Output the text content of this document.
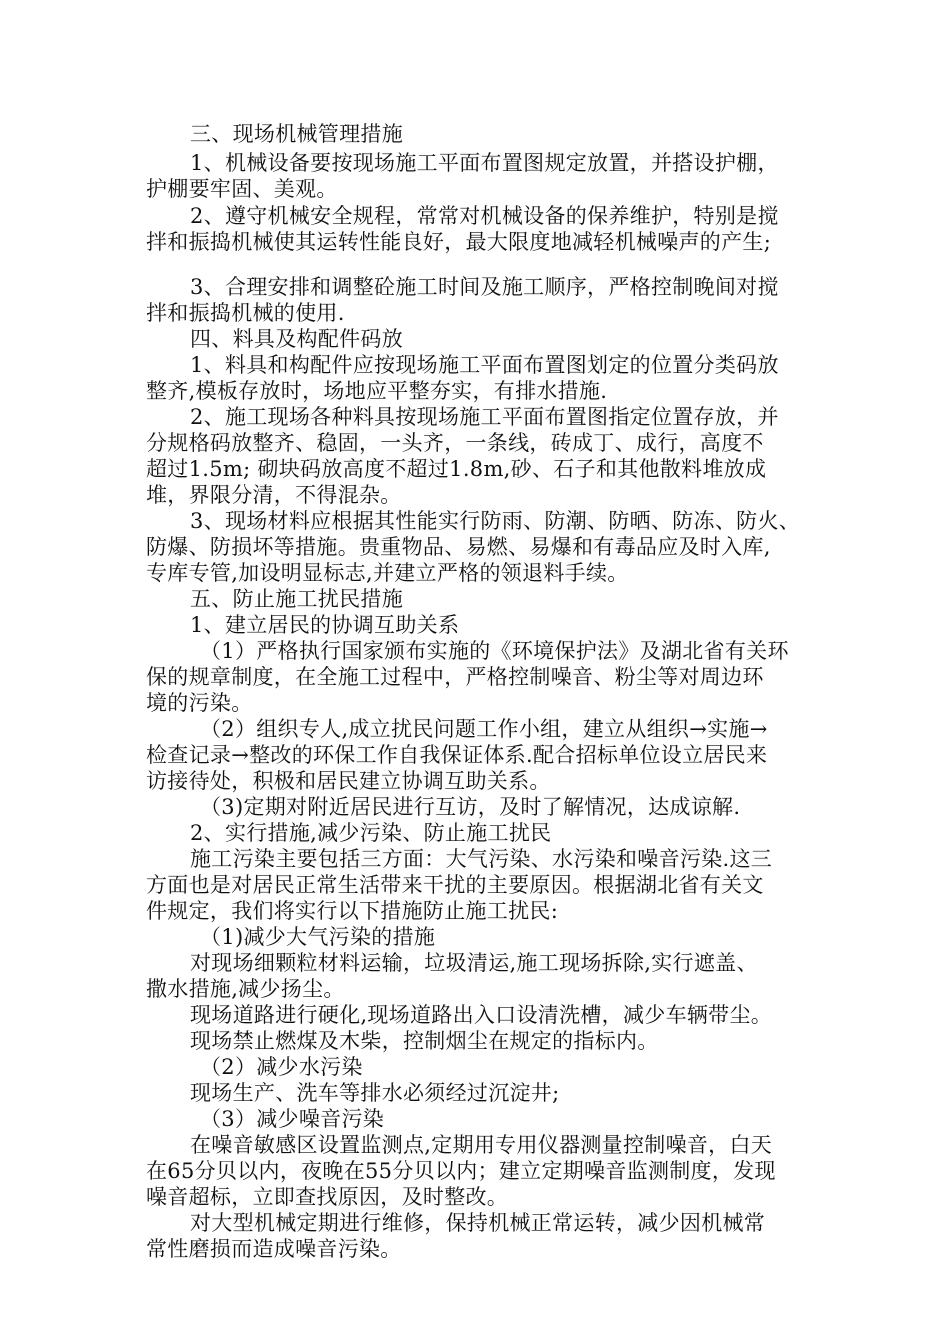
三、现场机械管理措施
1、机械设备要按现场施工平面布置图规定放置，并搭设护棚，
护棚要牢固、美观。
2、遵守机械安全规程，常常对机械设备的保养维护，特别是搅
拌和振捣机械使其运转性能良好，最大限度地减轻机械噪声的产生;
3、合理安排和调整砼施工时间及施工顺序，严格控制晚间对搅
拌和振捣机械的使用.
四、料具及构配件码放
1、料具和构配件应按现场施工平面布置图划定的位置分类码放
整齐,模板存放时，场地应平整夯实，有排水措施.
2、施工现场各种料具按现场施工平面布置图指定位置存放，并
分规格码放整齐、稳固，一头齐，一条线，砖成丁、成行，高度不
超过1.5m; 砌块码放高度不超过1.8m,砂、石子和其他散料堆放成
堆，界限分清，不得混杂。
3、现场材料应根据其性能实行防雨、防潮、防晒、防冻、防火、
防爆、防损坏等措施。贵重物品、易燃、易爆和有毒品应及时入库,
专库专管,加设明显标志,并建立严格的领退料手续。
五、防止施工扰民措施
1、建立居民的协调互助关系
（1）严格执行国家颁布实施的《环境保护法》及湖北省有关环
保的规章制度，在全施工过程中，严格控制噪音、粉尘等对周边环
境的污染。
（2）组织专人,成立扰民问题工作小组，建立从组织→实施→
检查记录→整改的环保工作自我保证体系.配合招标单位设立居民来
访接待处，积极和居民建立协调互助关系。
（3)定期对附近居民进行互访，及时了解情况，达成谅解.
2、实行措施,减少污染、防止施工扰民
施工污染主要包括三方面：大气污染、水污染和噪音污染.这三
方面也是对居民正常生活带来干扰的主要原因。根据湖北省有关文
件规定，我们将实行以下措施防止施工扰民:
（1)减少大气污染的措施
对现场细颗粒材料运输，垃圾清运,施工现场拆除,实行遮盖、
撒水措施,减少扬尘。
现场道路进行硬化,现场道路出入口设清洗槽，减少车辆带尘。
现场禁止燃煤及木柴，控制烟尘在规定的指标内。
（2）减少水污染
现场生产、洗车等排水必须经过沉淀井;
（3）减少噪音污染
在噪音敏感区设置监测点,定期用专用仪器测量控制噪音，白天
在65分贝以内，夜晚在55分贝以内；建立定期噪音监测制度，发现
噪音超标，立即查找原因，及时整改。
对大型机械定期进行维修，保持机械正常运转，减少因机械常
常性磨损而造成噪音污染。
